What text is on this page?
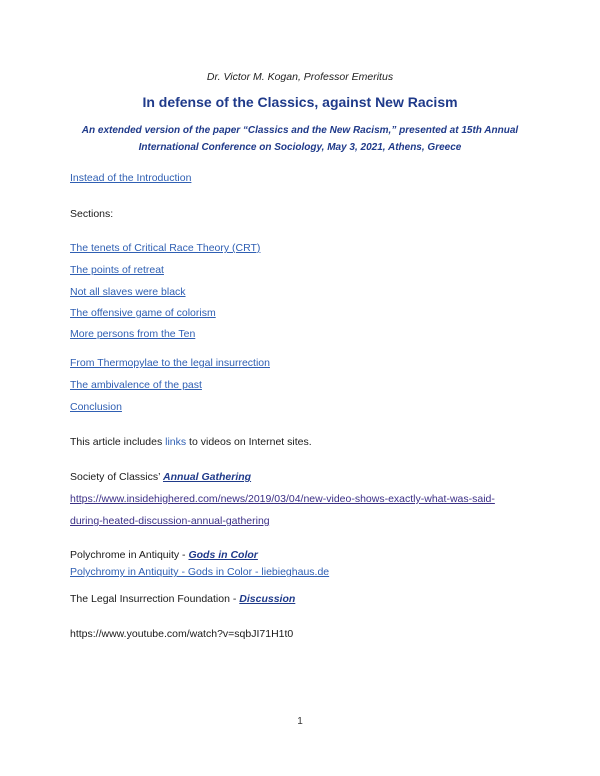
Dr. Victor M. Kogan, Professor Emeritus
In defense of the Classics, against New Racism
An extended version of the paper “Classics and the New Racism,” presented at 15th Annual
International Conference on Sociology, May 3, 2021, Athens, Greece
Instead of the Introduction
Sections:
The tenets of Critical Race Theory (CRT)
The points of retreat
Not all slaves were black
The offensive game of colorism
More persons from the Ten
From Thermopylae to the legal insurrection
The ambivalence of the past
Conclusion
This article includes links to videos on Internet sites.
Society of Classics’ Annual Gathering
https://www.insidehighered.com/news/2019/03/04/new-video-shows-exactly-what-was-said-
during-heated-discussion-annual-gathering
Polychrome in Antiquity - Gods in Color
Polychromy in Antiquity - Gods in Color - liebieghaus.de
The Legal Insurrection Foundation - Discussion
https://www.youtube.com/watch?v=sqbJI71H1t0
1
